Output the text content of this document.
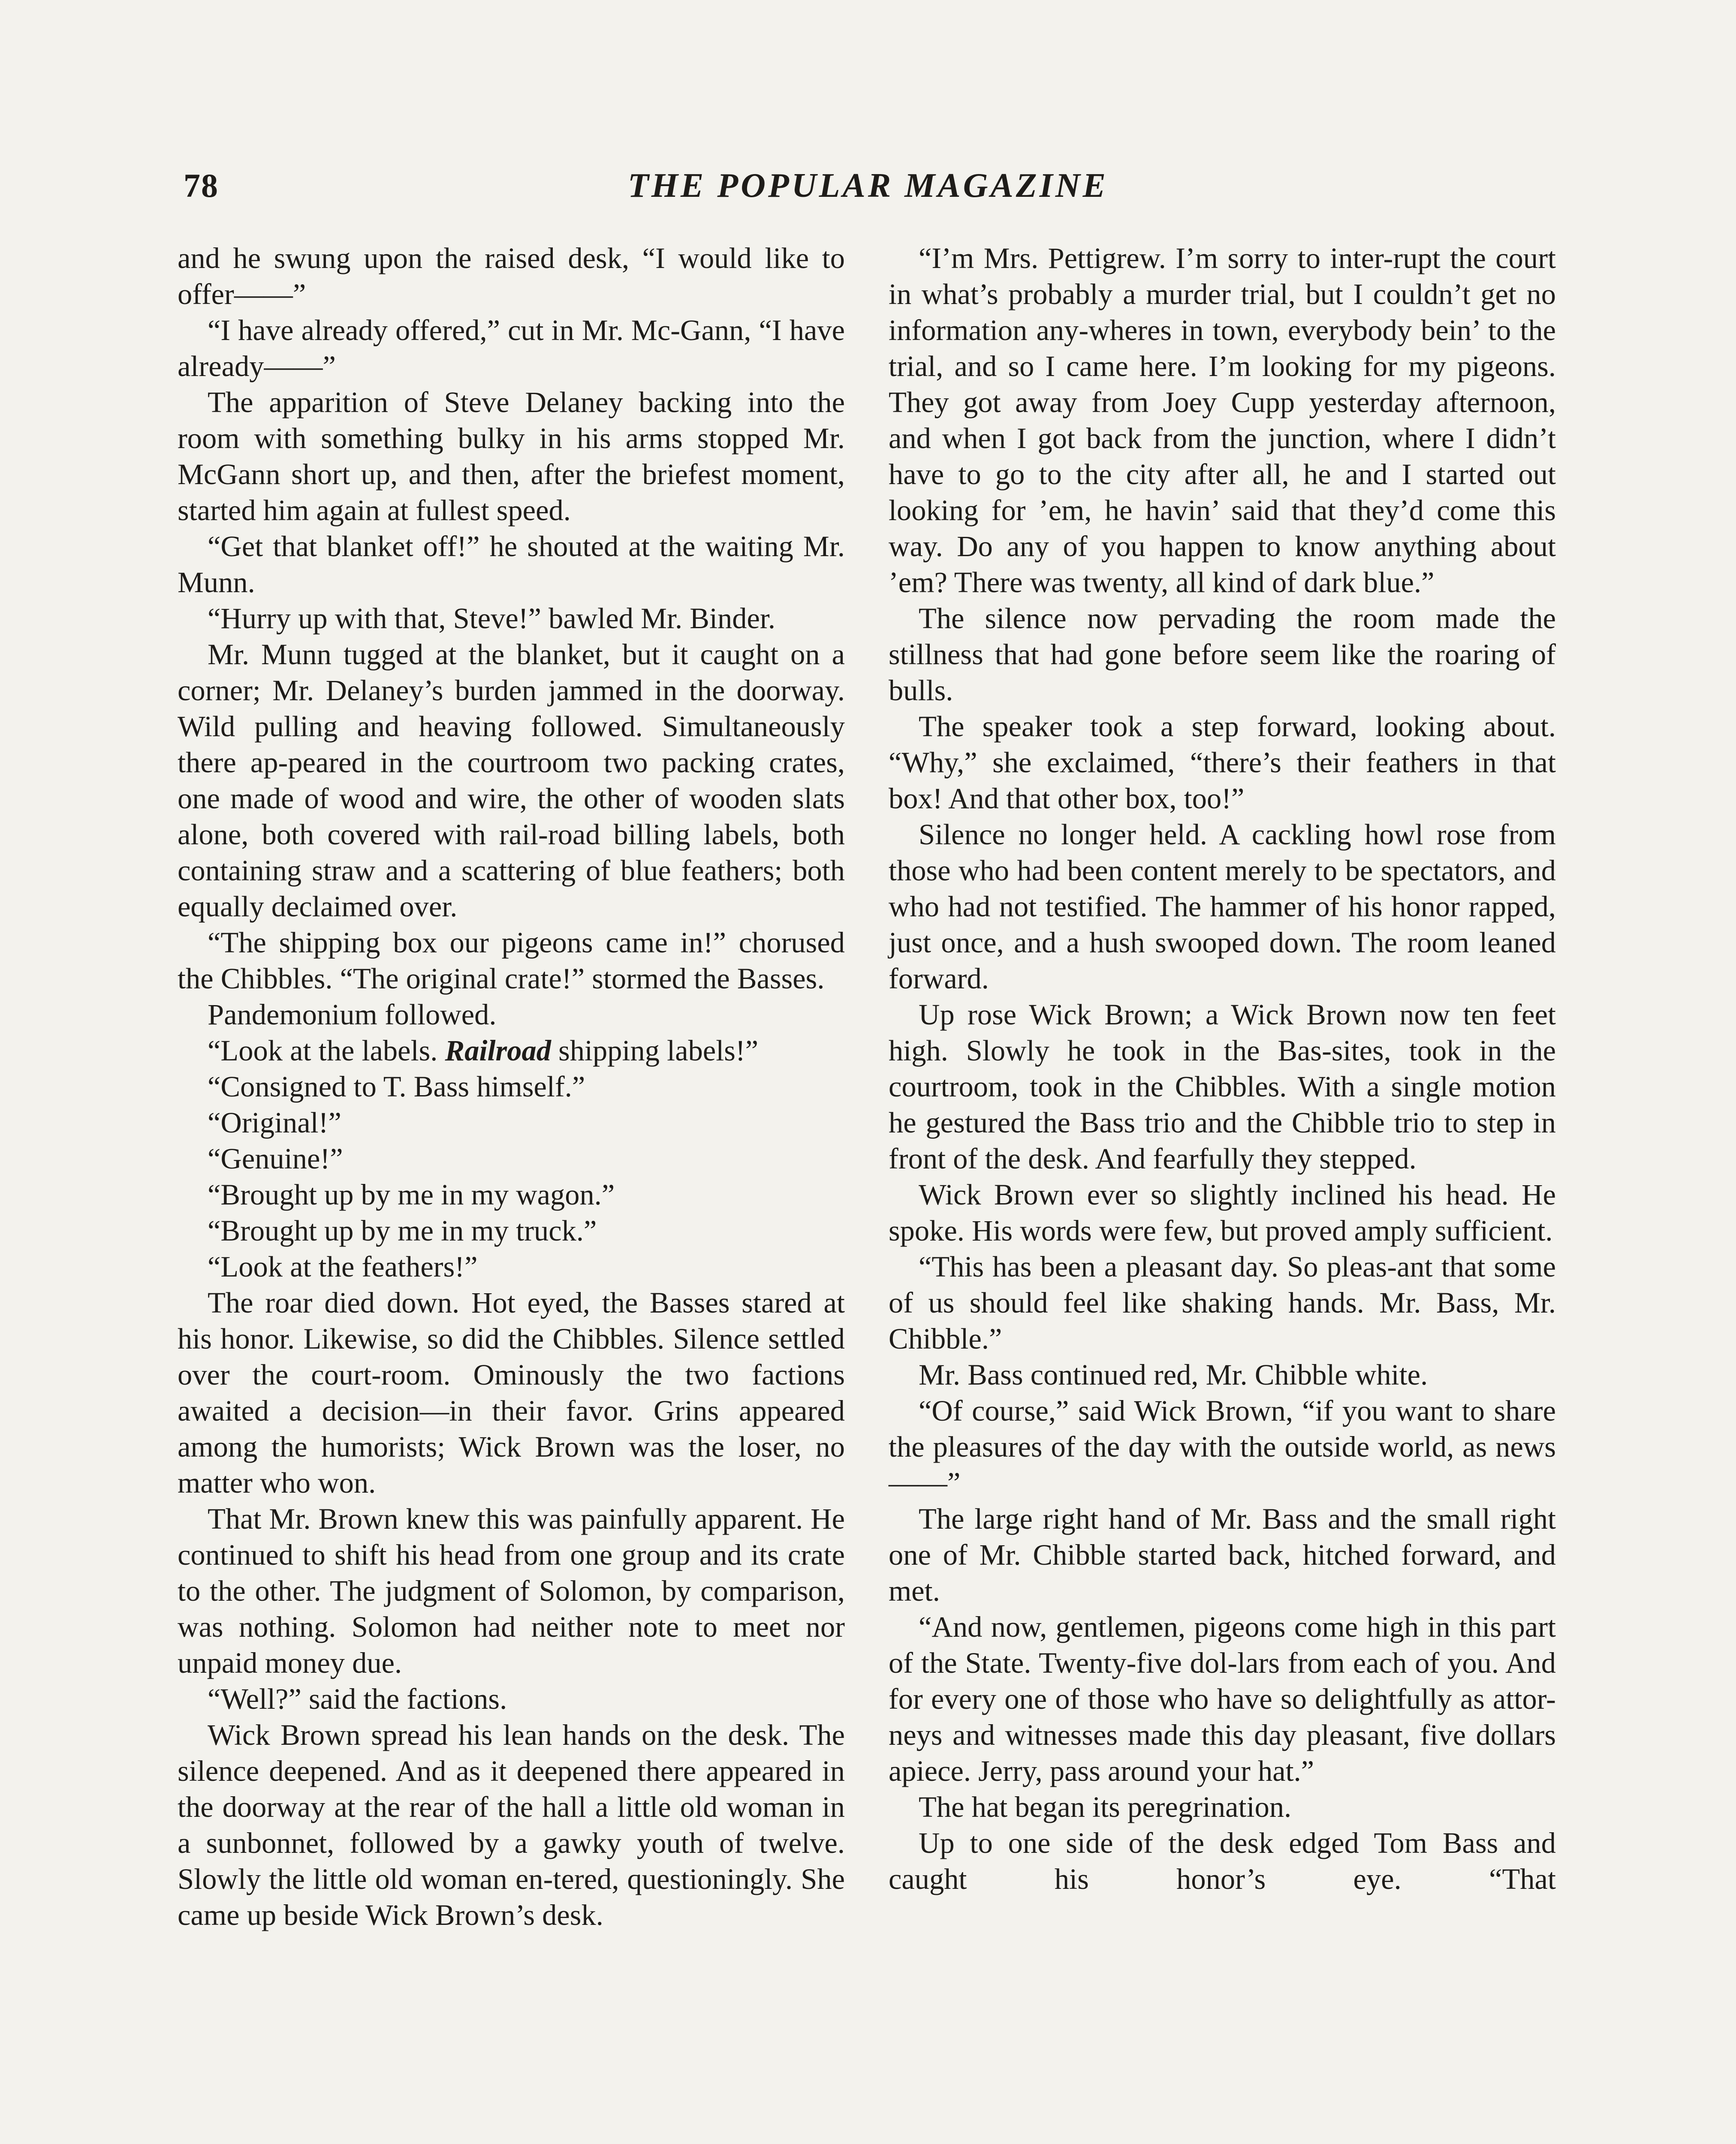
78	THE POPULAR MAGAZINE

and he swung upon the raised desk, “I would like to offer——”

“I have already offered,” cut in Mr. Mc-Gann, “I have already——”

The apparition of Steve Delaney backing into the room with something bulky in his arms stopped Mr. McGann short up, and then, after the briefest moment, started him again at fullest speed.

“Get that blanket off!” he shouted at the waiting Mr. Munn.

“Hurry up with that, Steve!” bawled Mr. Binder.

Mr. Munn tugged at the blanket, but it caught on a corner; Mr. Delaney’s burden jammed in the doorway. Wild pulling and heaving followed. Simultaneously there ap-peared in the courtroom two packing crates, one made of wood and wire, the other of wooden slats alone, both covered with rail-road billing labels, both containing straw and a scattering of blue feathers; both equally declaimed over.

“The shipping box our pigeons came in!” chorused the Chibbles. “The original crate!” stormed the Basses.

Pandemonium followed.

“Look at the labels. Railroad shipping labels!”

“Consigned to T. Bass himself.”

“Original!”

“Genuine!”

“Brought up by me in my wagon.”

“Brought up by me in my truck.”

“Look at the feathers!”

The roar died down. Hot eyed, the Basses stared at his honor. Likewise, so did the Chibbles. Silence settled over the court-room. Ominously the two factions awaited a decision—in their favor. Grins appeared among the humorists; Wick Brown was the loser, no matter who won.

That Mr. Brown knew this was painfully apparent. He continued to shift his head from one group and its crate to the other. The judgment of Solomon, by comparison, was nothing. Solomon had neither note to meet nor unpaid money due.

“Well?” said the factions.

Wick Brown spread his lean hands on the desk. The silence deepened. And as it deepened there appeared in the doorway at the rear of the hall a little old woman in a sunbonnet, followed by a gawky youth of twelve. Slowly the little old woman en-tered, questioningly. She came up beside Wick Brown’s desk.

“I’m Mrs. Pettigrew. I’m sorry to inter-rupt the court in what’s probably a murder trial, but I couldn’t get no information any-wheres in town, everybody bein’ to the trial, and so I came here. I’m looking for my pigeons. They got away from Joey Cupp yesterday afternoon, and when I got back from the junction, where I didn’t have to go to the city after all, he and I started out looking for ’em, he havin’ said that they’d come this way. Do any of you happen to know anything about ’em? There was twenty, all kind of dark blue.”

The silence now pervading the room made the stillness that had gone before seem like the roaring of bulls.

The speaker took a step forward, looking about. “Why,” she exclaimed, “there’s their feathers in that box! And that other box, too!”

Silence no longer held. A cackling howl rose from those who had been content merely to be spectators, and who had not testified. The hammer of his honor rapped, just once, and a hush swooped down. The room leaned forward.

Up rose Wick Brown; a Wick Brown now ten feet high. Slowly he took in the Bas-sites, took in the courtroom, took in the Chibbles. With a single motion he gestured the Bass trio and the Chibble trio to step in front of the desk. And fearfully they stepped.

Wick Brown ever so slightly inclined his head. He spoke. His words were few, but proved amply sufficient.

“This has been a pleasant day. So pleas-ant that some of us should feel like shaking hands. Mr. Bass, Mr. Chibble.”

Mr. Bass continued red, Mr. Chibble white.

“Of course,” said Wick Brown, “if you want to share the pleasures of the day with the outside world, as news——”

The large right hand of Mr. Bass and the small right one of Mr. Chibble started back, hitched forward, and met.

“And now, gentlemen, pigeons come high in this part of the State. Twenty-five dol-lars from each of you. And for every one of those who have so delightfully as attor-neys and witnesses made this day pleasant, five dollars apiece. Jerry, pass around your hat.”

The hat began its peregrination.

Up to one side of the desk edged Tom Bass and caught his honor’s eye. “That
